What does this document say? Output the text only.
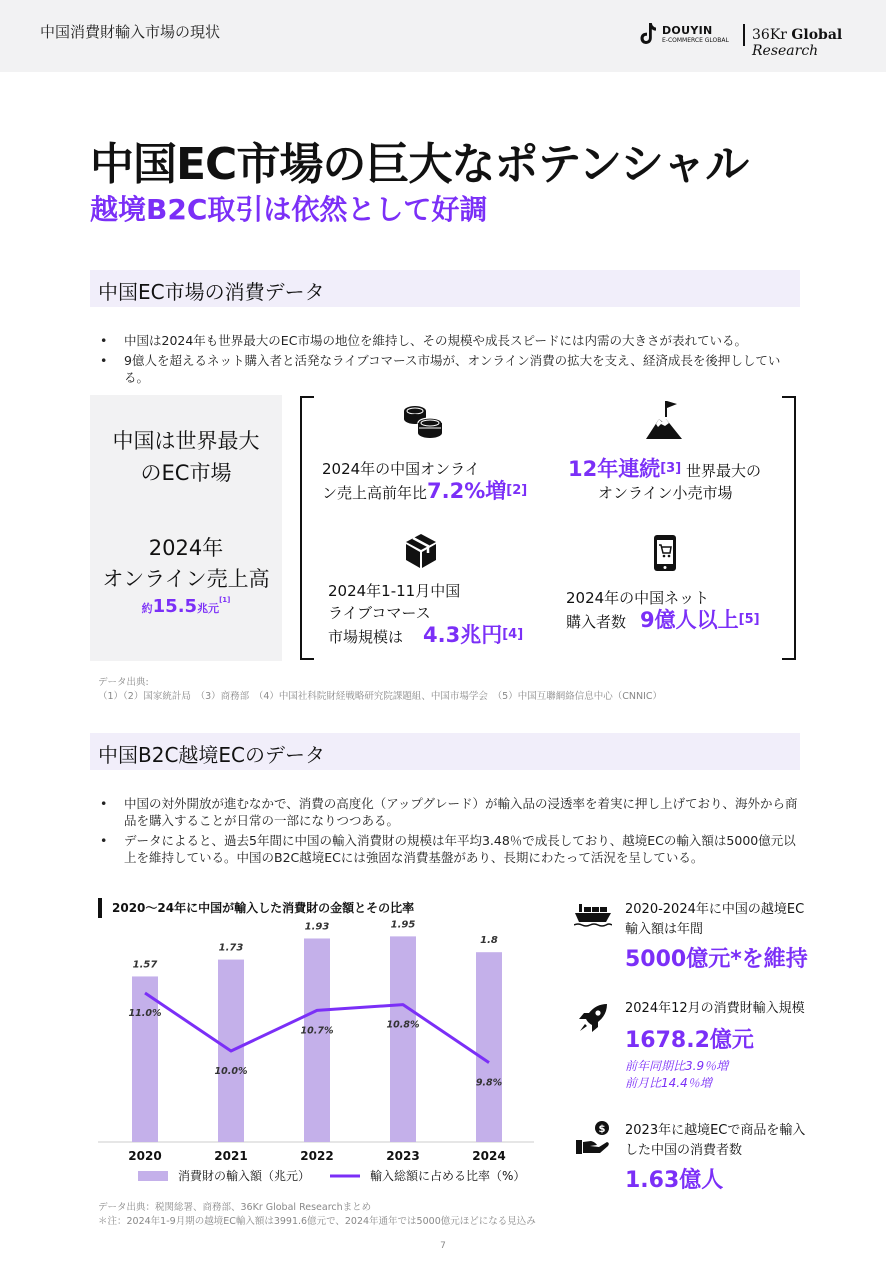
中国消費財輸入市場の現状	DOUYIN
E-COMMERCE GLOBAL 36Kr Global Research
中国EC市場の巨大なポテンシャル
越境B2C取引は依然として好調
中国EC市場の消費データ
• 中国は2024年も世界最大のEC市場の地位を維持し、その規模や成長スピードには内需の大きさが表れている。
• 9億人を超えるネット購入者と活発なライブコマース市場が、オンライン消費の拡大を支え、経済成長を後押ししている。
中国は世界最大
のEC市場
2024年
オンライン売上高
約15.5兆元[1]
2024年の中国オンライ
ン売上高前年比7.2%増[2]
12年連続[3] 世界最大の
オンライン小売市場
2024年1-11月中国
ライブコマース
市場規模は 4.3兆円[4]
2024年の中国ネット
購入者数 9億人以上[5]
データ出典:
（1）（2）国家統計局　（3）商務部　（4）中国社科院財経戦略研究院課題組、中国市場学会　（5）中国互聯網絡信息中心（CNNIC）
中国B2C越境ECのデータ
• 中国の対外開放が進むなかで、消費の高度化（アップグレード）が輸入品の浸透率を着実に押し上げており、海外から商品を購入することが日常の一部になりつつある。
• データによると、過去5年間に中国の輸入消費財の規模は年平均3.48％で成長しており、越境ECの輸入額は5000億元以上を維持している。中国のB2C越境ECには強固な消費基盤があり、長期にわたって活況を呈している。
2020～24年に中国が輸入した消費財の金額とその比率
1.57
1.73
1.93	1.95
1.8
11.0%
10.0%
10.7%
10.8%
9.8%
2020	2021	2022	2023	2024
消費財の輸入額（兆元）	輸入総額に占める比率（%）
2020-2024年に中国の越境EC
輸入額は年間
5000億元*を維持
2024年12月の消費財輸入規模
1678.2億元
前年同期比3.9％増
前月比14.4％増
$ 2023年に越境ECで商品を輸入
した中国の消費者数
1.63億人
データ出典：税関総署、商務部、36Kr Global Researchまとめ
＊注：2024年1-9月期の越境EC輸入額は3991.6億元で、2024年通年では5000億元ほどになる見込み
7
